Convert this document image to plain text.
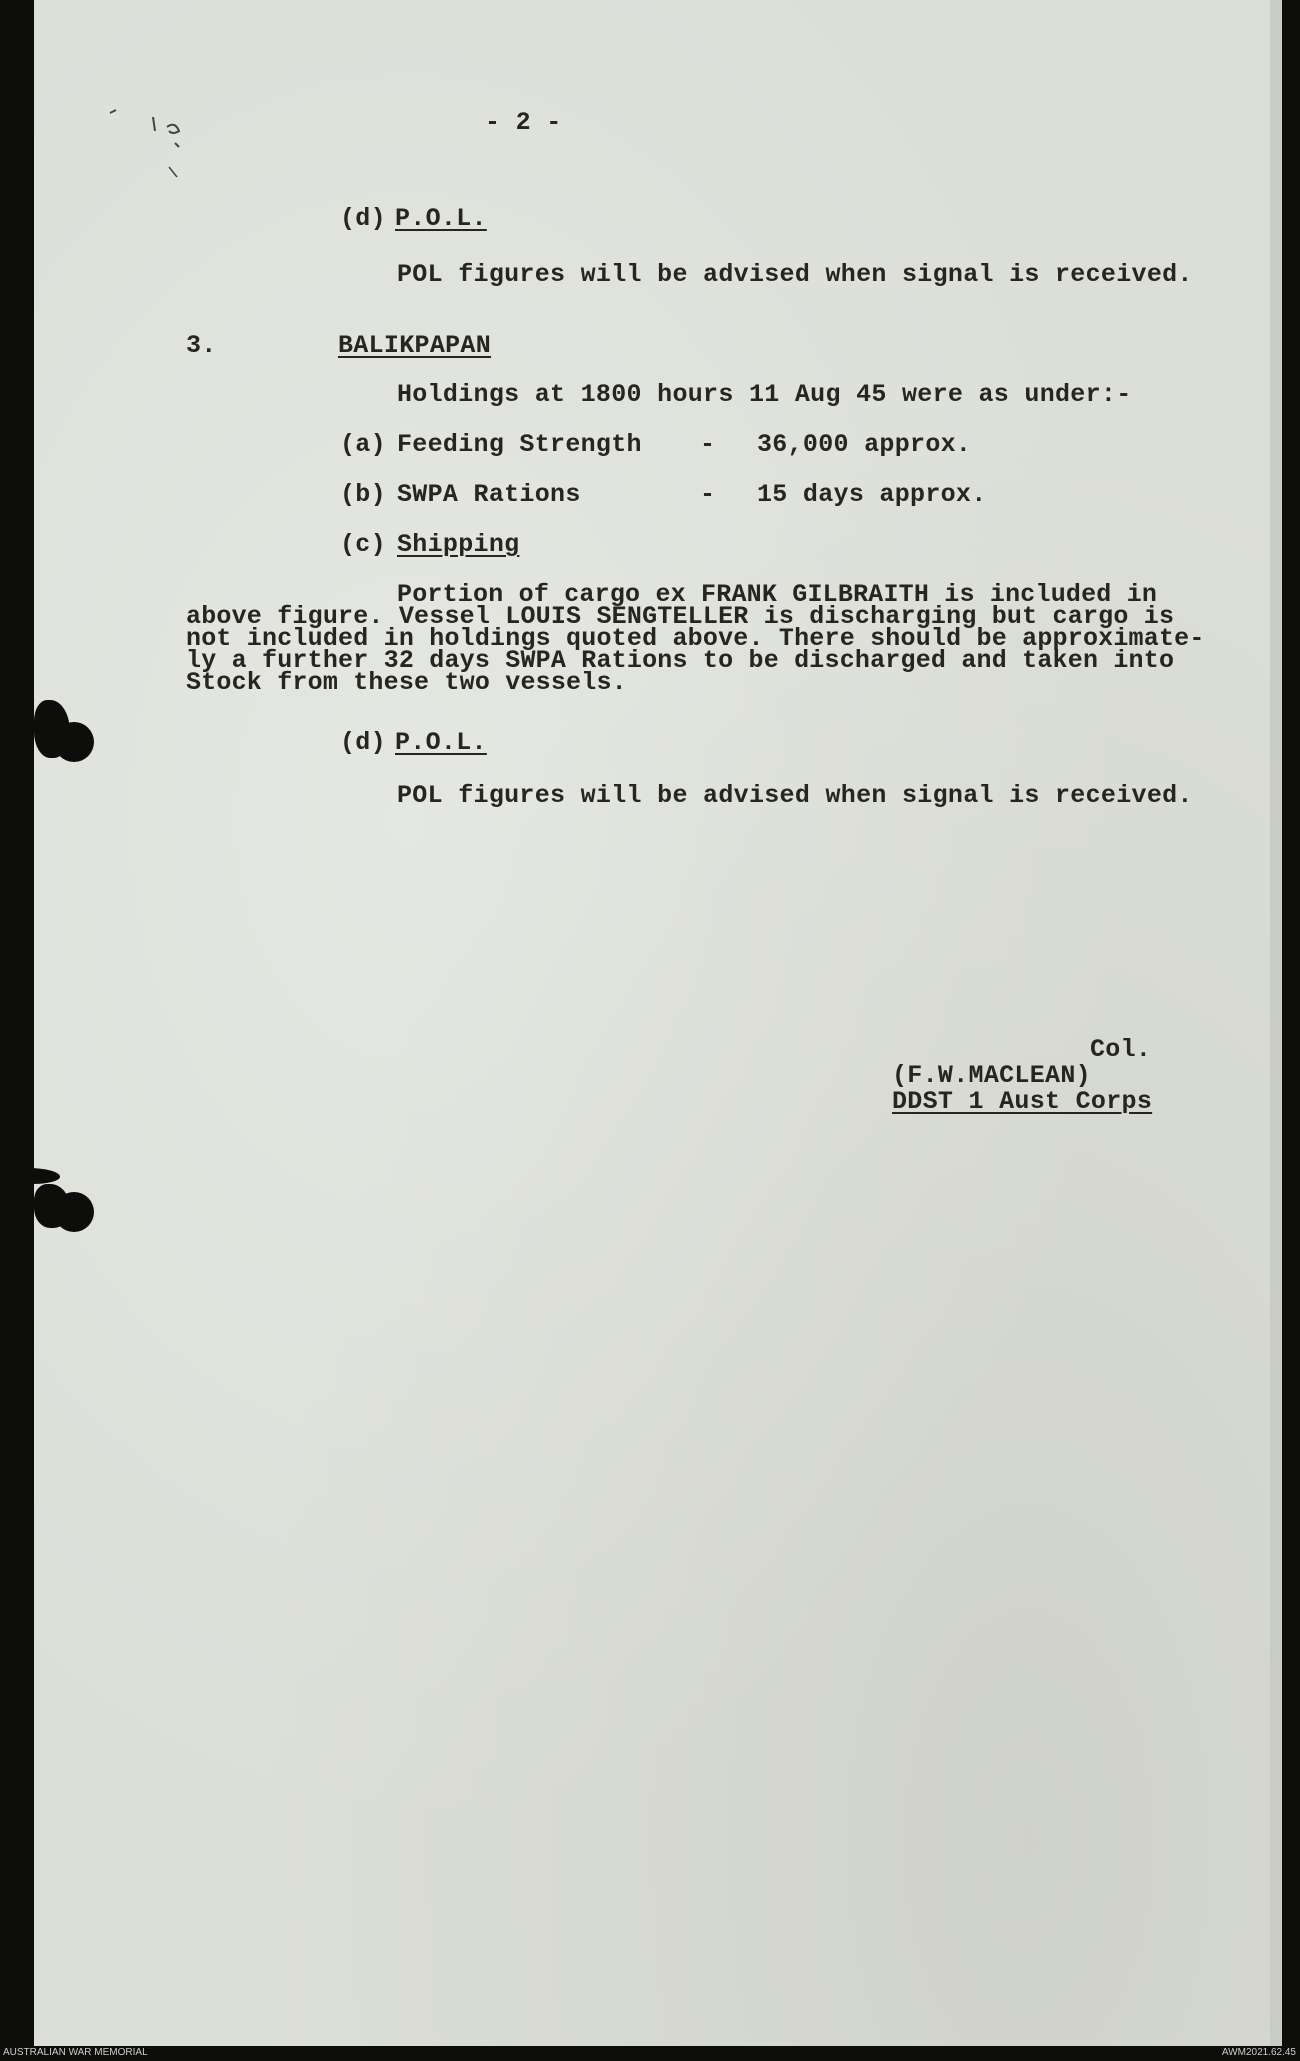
- 2 -
(d) P.O.L.
POL figures will be advised when signal is received.
3.	BALIKPAPAN
Holdings at 1800 hours 11 Aug 45 were as under:-
(a) Feeding Strength - 36,000 approx.
(b) SWPA Rations	- 15 days approx.
(c) Shipping
Portion of cargo ex FRANK GILBRAITH is included in
above figure. Vessel LOUIS SENGTELLER is discharging but cargo is
not included in holdings quoted above. There should be approximate-
ly a further 32 days SWPA Rations to be discharged and taken into
Stock from these two vessels.
(d) P.O.L.
POL figures will be advised when signal is received.
Col.
(F.W.MACLEAN)
DDST 1 Aust Corps
AUSTRALIAN WAR MEMORIAL	AWM2021.62.45
